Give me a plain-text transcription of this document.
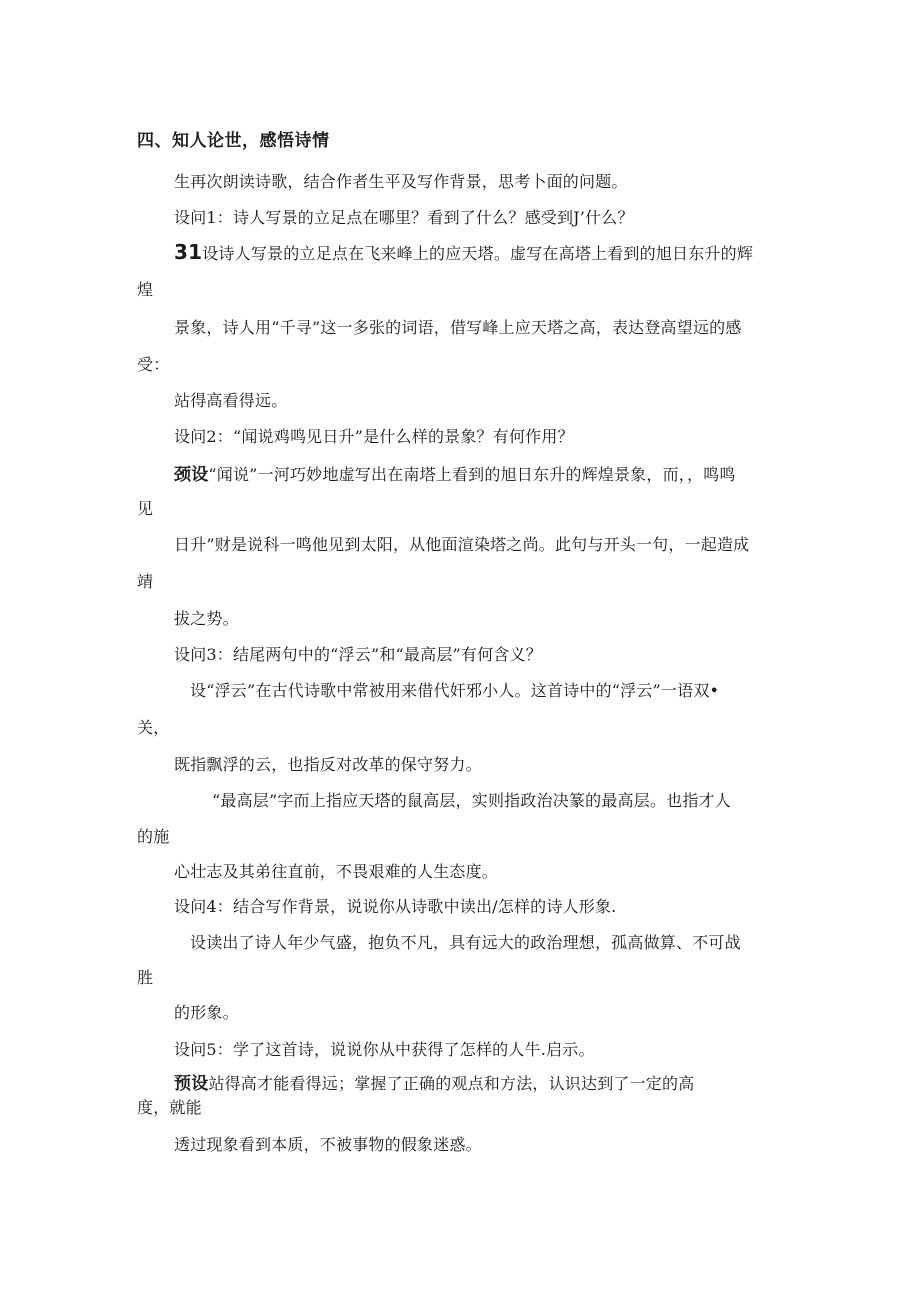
四、知人论世，感悟诗情
生再次朗读诗歌，结合作者生平及写作背景，思考卜面的问题。
设问1：诗人写景的立足点在哪里？看到了什么？感受到J’什么？
31设诗人写景的立足点在飞来峰上的应天塔。虚写在高塔上看到的旭日东升的辉
煌
景象，诗人用“千寻”这一多张的词语，借写峰上应天塔之高，表达登高望远的感
受：
站得高看得远。
设问2：“闻说鸡鸣见日升”是什么样的景象？有何作用？
颈设“闻说”一河巧妙地虚写出在南塔上看到的旭日东升的辉煌景象，而，，鸣鸣
见
日升”财是说科一鸣他见到太阳，从他面渲染塔之尚。此句与开头一句，一起造成
靖
拔之势。
设问3：结尾两句中的“浮云”和“最高层”有何含义？
设“浮云”在古代诗歌中常被用来借代奸邪小人。这首诗中的“浮云”一语双•
关，
既指飘浮的云，也指反对改革的保守努力。
“最高层”字而上指应天塔的鼠高层，实则指政治决篆的最高层。也指才人
的施
心壮志及其弟往直前，不畏艰难的人生态度。
设问4：结合写作背景，说说你从诗歌中读出/怎样的诗人形象.
设读出了诗人年少气盛，抱负不凡，具有远大的政治理想，孤高做算、不可战
胜
的形象。
设问5：学了这首诗，说说你从中获得了怎样的人牛.启示。
预设站得高才能看得远；掌握了正确的观点和方法，认识达到了一定的高
度，就能
透过现象看到本质，不被事物的假象迷惑。
